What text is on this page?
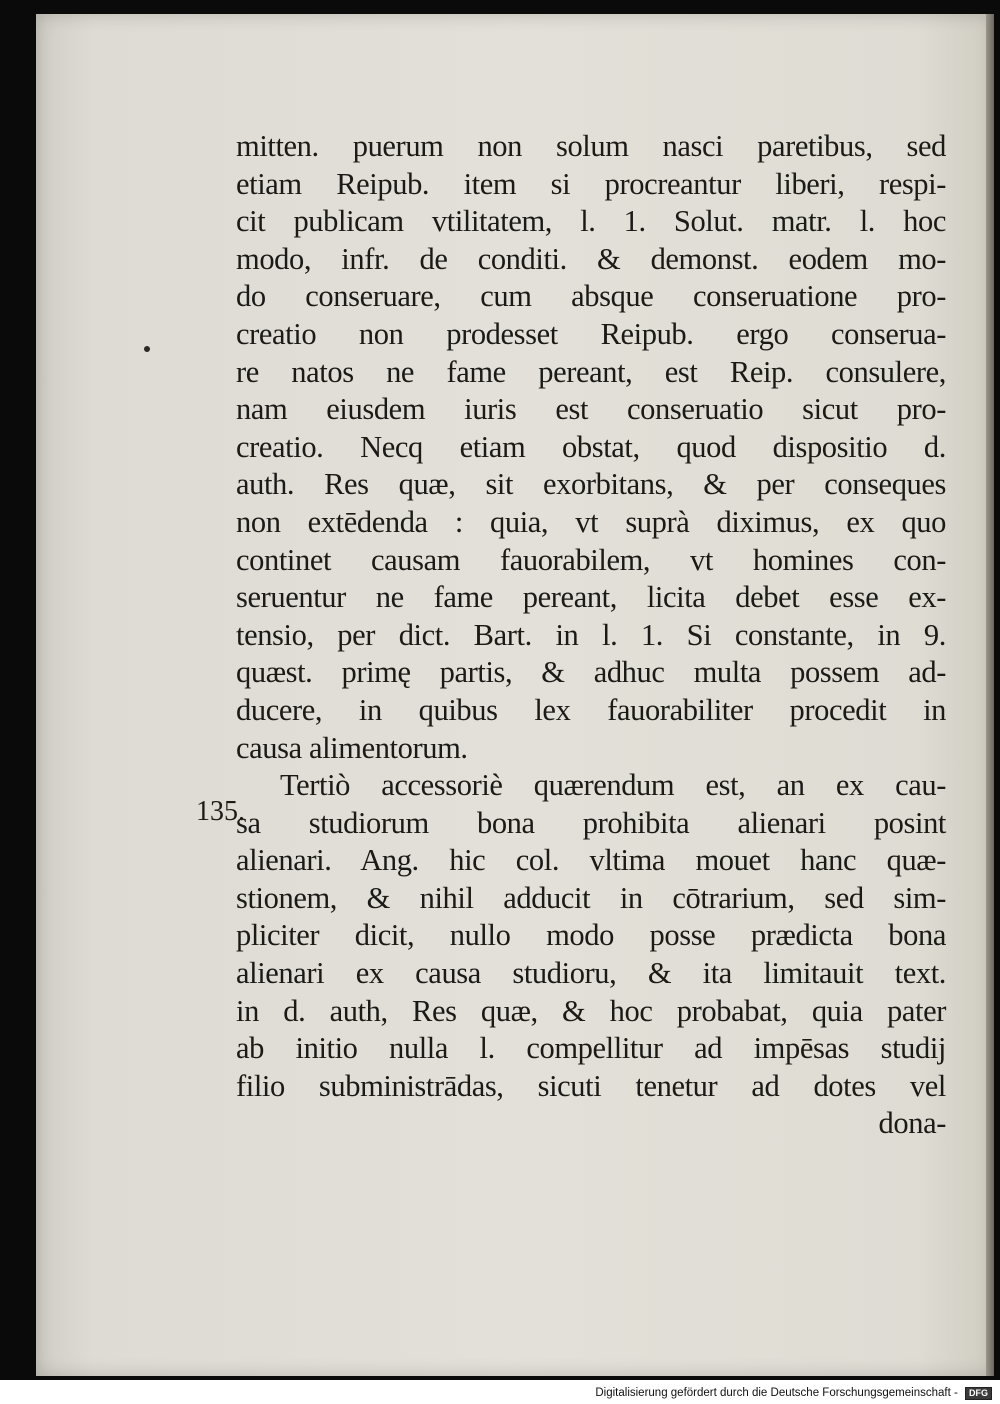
135.
mitten. puerum non solum nasci paretibus, sed
etiam Reipub. item si procreantur liberi, respi-
cit publicam vtilitatem, l. 1. Solut. matr. l. hoc
modo, infr. de conditi. & demonst. eodem mo-
do conseruare, cum absque conseruatione pro-
creatio non prodesset Reipub. ergo conserua-
re natos ne fame pereant, est Reip. consulere,
nam eiusdem iuris est conseruatio sicut pro-
creatio. Necq etiam obstat, quod dispositio d.
auth. Res quæ, sit exorbitans, & per conseques
non extēdenda : quia, vt suprà diximus, ex quo
continet causam fauorabilem, vt homines con-
seruentur ne fame pereant, licita debet esse ex-
tensio, per dict. Bart. in l. 1. Si constante, in 9.
quæst. primę partis, & adhuc multa possem ad-
ducere, in quibus lex fauorabiliter procedit in
causa alimentorum.
Tertiò accessoriè quærendum est, an ex cau-
sa studiorum bona prohibita alienari posint
alienari. Ang. hic col. vltima mouet hanc quæ-
stionem, & nihil adducit in cōtrarium, sed sim-
pliciter dicit, nullo modo posse prædicta bona
alienari ex causa studioru, & ita limitauit text.
in d. auth, Res quæ, & hoc probabat, quia pater
ab initio nulla l. compellitur ad impēsas studij
filio subministrādas, sicuti tenetur ad dotes vel
dona-
Digitalisierung gefördert durch die Deutsche Forschungsgemeinschaft - DFG
